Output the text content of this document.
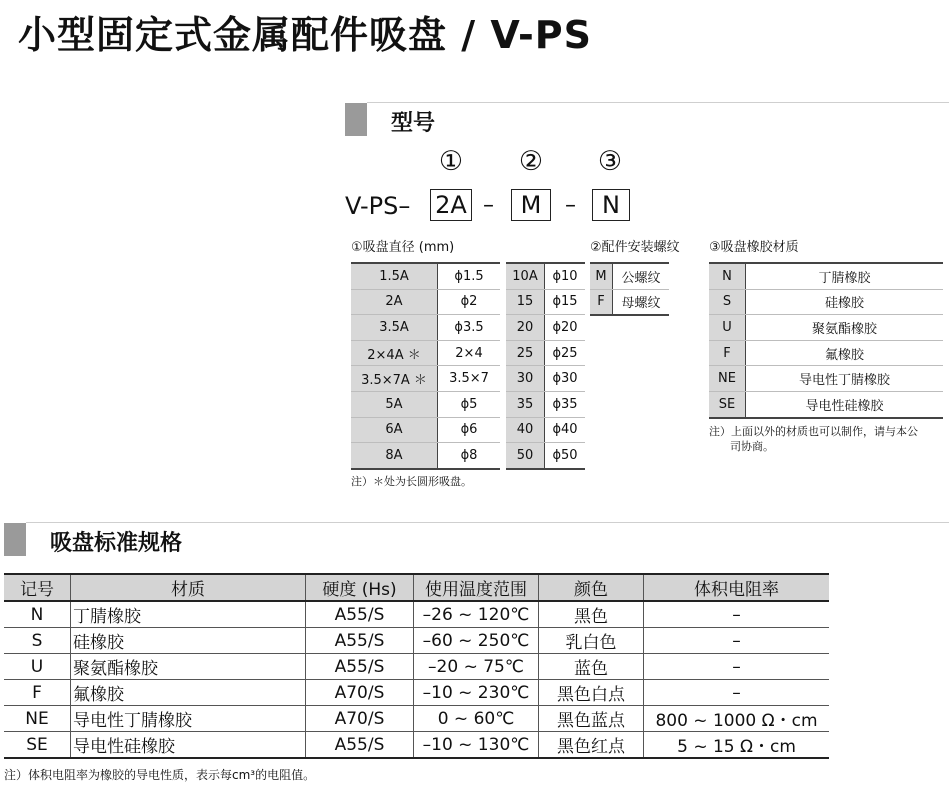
小型固定式金属配件吸盘 / V-PS
型号
① ② ③
V-PS– 2A –	M	–	N
①吸盘直径 (mm)	②配件安装螺纹 ③吸盘橡胶材质
1.5A	ϕ1.5
2A	ϕ2
3.5A	ϕ3.5
2×4A ＊	2×4
3.5×7A ＊	3.5×7
5A	ϕ5
6A	ϕ6
8A	ϕ8
10A	ϕ10
15	ϕ15
20	ϕ20
25	ϕ25
30	ϕ30
35	ϕ35
40	ϕ40
50	ϕ50
注）＊处为长圆形吸盘。
M	公螺纹
F	母螺纹
N	丁腈橡胶
S	硅橡胶
U	聚氨酯橡胶
F	氟橡胶
NE	导电性丁腈橡胶
SE	导电性硅橡胶
注）上面以外的材质也可以制作，请与本公
司协商。
吸盘标准规格
记号	材质	硬度 (Hs)	使用温度范围	颜色	体积电阻率
N	丁腈橡胶	A55/S	–26 ~ 120℃	黑色	–
S	硅橡胶	A55/S	–60 ~ 250℃	乳白色	–
U	聚氨酯橡胶	A55/S	–20 ~ 75℃	蓝色	–
F	氟橡胶	A70/S	–10 ~ 230℃	黑色白点	–
NE	导电性丁腈橡胶	A70/S	0 ~ 60℃	黑色蓝点	800 ~ 1000 Ω・cm
SE	导电性硅橡胶	A55/S	–10 ~ 130℃	黑色红点	5 ~ 15 Ω・cm
注）体积电阻率为橡胶的导电性质，表示每cm³的电阻值。
